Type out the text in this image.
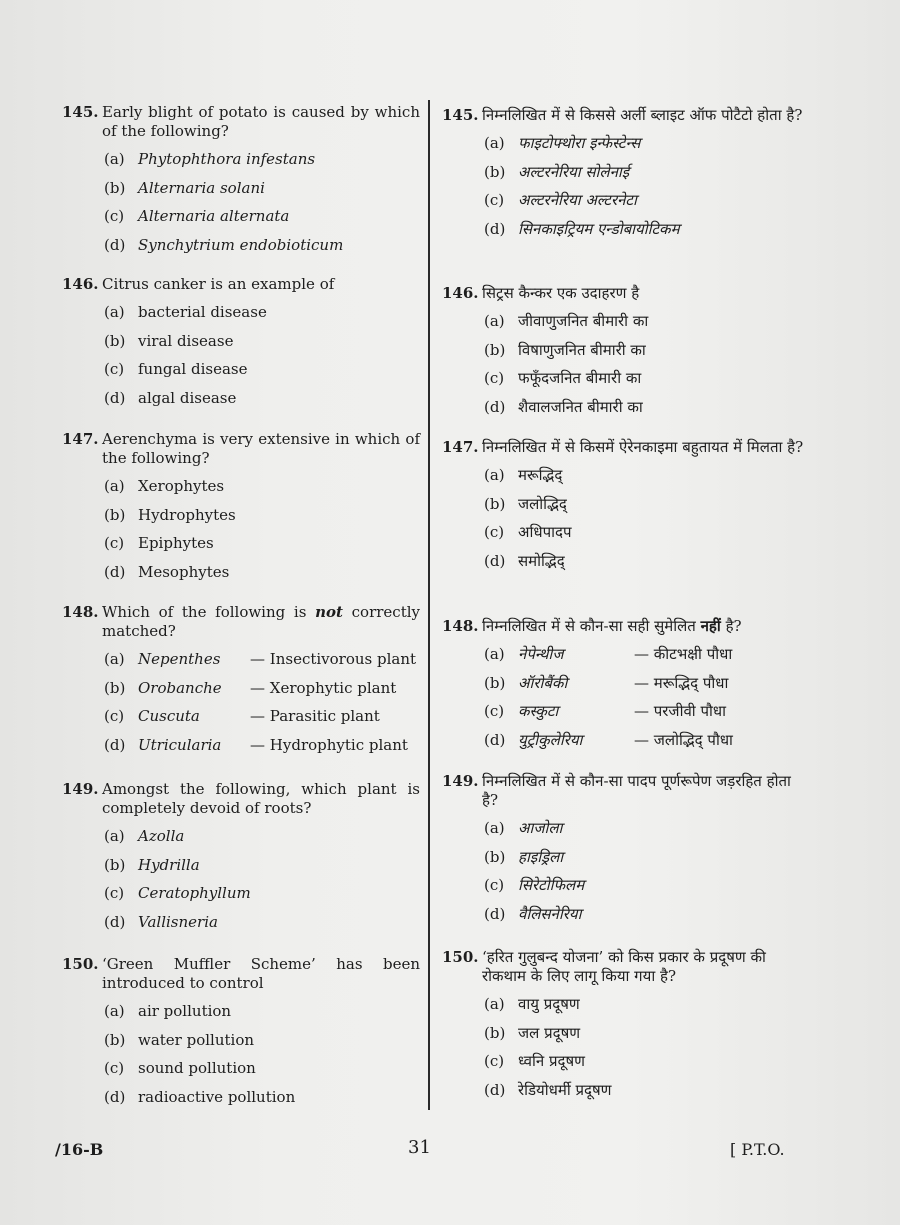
145. Early blight of potato is caused by which of the following?
(a) Phytophthora infestans
(b) Alternaria solani
(c) Alternaria alternata
(d) Synchytrium endobioticum
146. Citrus canker is an example of
(a) bacterial disease
(b) viral disease
(c) fungal disease
(d) algal disease
147. Aerenchyma is very extensive in which of the following?
(a) Xerophytes
(b) Hydrophytes
(c) Epiphytes
(d) Mesophytes
148. Which of the following is not correctly matched?
(a) Nepenthes — Insectivorous plant
(b) Orobanche — Xerophytic plant
(c) Cuscuta	— Parasitic plant
(d) Utricularia — Hydrophytic plant
149. Amongst the following, which plant is completely devoid of roots?
(a) Azolla
(b) Hydrilla
(c) Ceratophyllum
(d) Vallisneria
150. ‘Green Muffler Scheme’ has been introduced to control
(a) air pollution
(b) water pollution
(c) sound pollution
(d) radioactive pollution
145. निम्नलिखित में से किससे अर्ली ब्लाइट ऑफ पोटैटो होता है?
(a) फाइटोफ्थोरा इन्फेस्टेन्स
(b) अल्टरनेरिया सोलेनाई
(c) अल्टरनेरिया अल्टरनेटा
(d) सिनकाइट्रियम एन्डोबायोटिकम
146. सिट्रस कैन्कर एक उदाहरण है
(a) जीवाणुजनित बीमारी का
(b) विषाणुजनित बीमारी का
(c) फफूँदजनित बीमारी का
(d) शैवालजनित बीमारी का
147. निम्नलिखित में से किसमें ऐरेनकाइमा बहुतायत में मिलता है?
(a) मरूद्भिद्
(b) जलोद्भिद्
(c) अधिपादप
(d) समोद्भिद्
148. निम्नलिखित में से कौन-सा सही सुमेलित नहीं है?
(a) नेपेन्थीज	— कीटभक्षी पौधा
(b) ऑरोबैंकी	— मरूद्भिद् पौधा
(c) कस्कुटा	— परजीवी पौधा
(d) युट्रीकुलेरिया	— जलोद्भिद् पौधा
149. निम्नलिखित में से कौन-सा पादप पूर्णरूपेण जड़रहित होता है?
(a) आजोला
(b) हाइड्रिला
(c) सिरेटोफिलम
(d) वैलिसनेरिया
150. ‘हरित गुलुबन्द योजना’ को किस प्रकार के प्रदूषण की रोकथाम के लिए लागू किया गया है?
(a) वायु प्रदूषण
(b) जल प्रदूषण
(c) ध्वनि प्रदूषण
(d) रेडियोधर्मी प्रदूषण
/16-B	31	[ P.T.O.
